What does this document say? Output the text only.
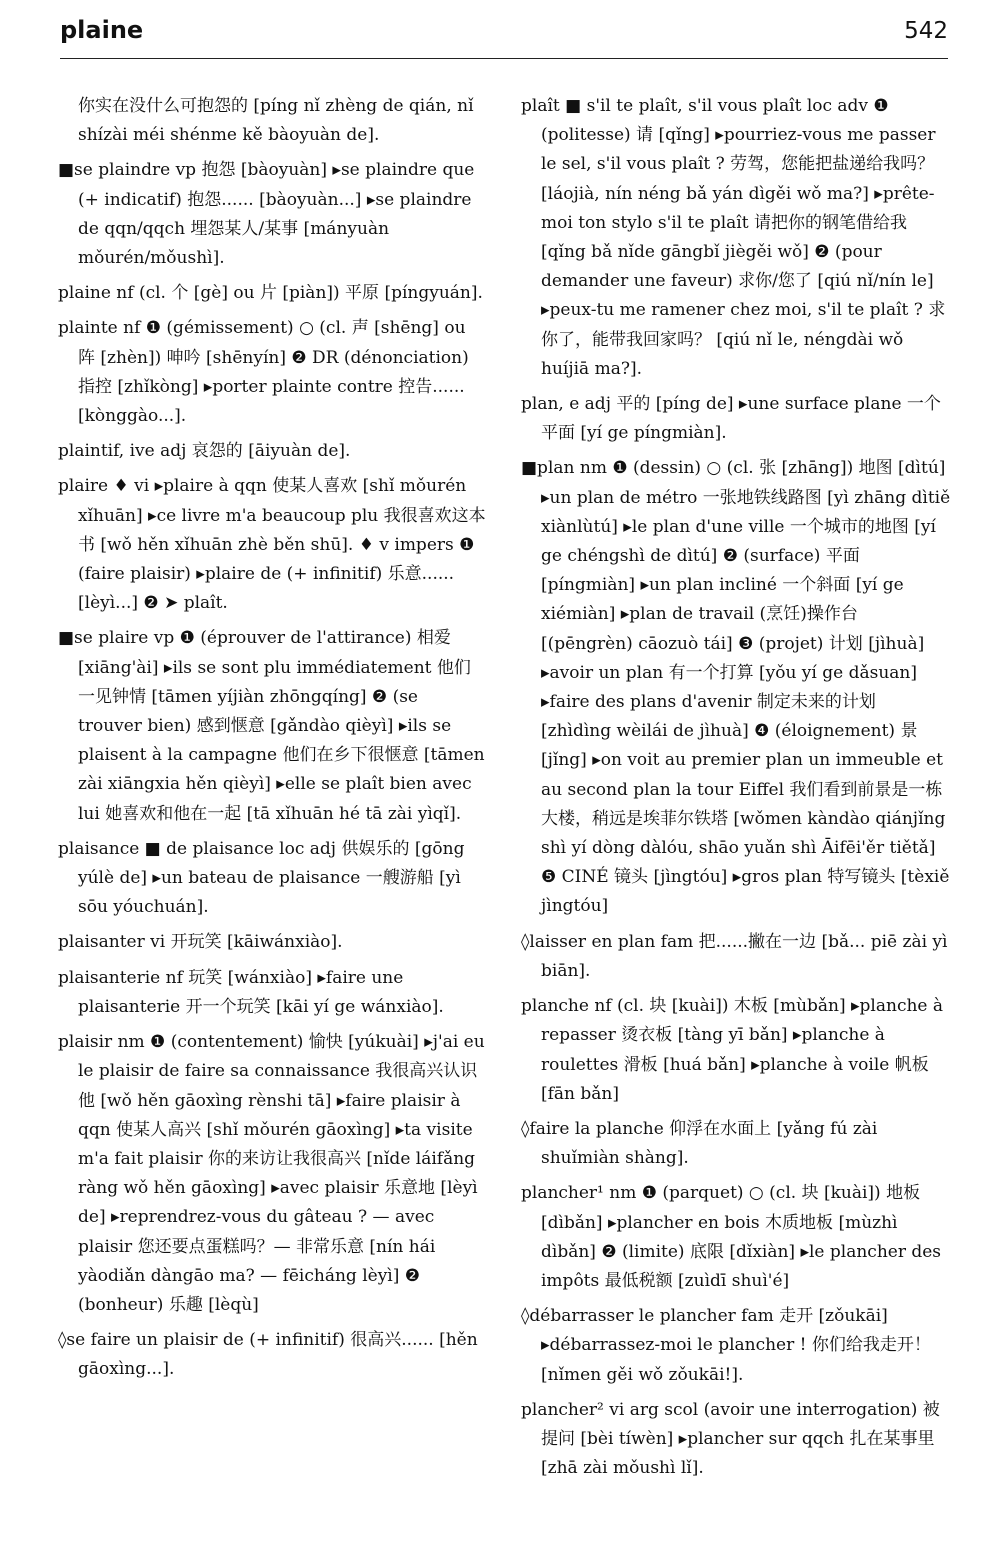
plaine	542

你实在没什么可抱怨的 [píng nǐ zhèng de qián, nǐ shízài méi shénme kě bàoyuàn de].

■se plaindre vp 抱怨 [bàoyuàn] ▸se plaindre que (+ indicatif) 抱怨...... [bàoyuàn...] ▸se plaindre de qqn/qqch 埋怨某人/某事 [mányuàn mǒurén/mǒushì].

plaine nf (cl. 个 [gè] ou 片 [piàn]) 平原 [píngyuán].

plainte nf ❶ (gémissement) ○ (cl. 声 [shēng] ou 阵 [zhèn]) 呻吟 [shēnyín] ❷ DR (dénonciation) 指控 [zhǐkòng] ▸porter plainte contre 控告...... [kònggào...].

plaintif, ive adj 哀怨的 [āiyuàn de].

plaire ♦ vi ▸plaire à qqn 使某人喜欢 [shǐ mǒurén xǐhuān] ▸ce livre m'a beaucoup plu 我很喜欢这本书 [wǒ hěn xǐhuān zhè běn shū]. ♦ v impers ❶ (faire plaisir) ▸plaire de (+ infinitif) 乐意...... [lèyì...] ❷ ➤ plaît.

■se plaire vp ❶ (éprouver de l'attirance) 相爱 [xiāng'ài] ▸ils se sont plu immédiatement 他们一见钟情 [tāmen yíjiàn zhōngqíng] ❷ (se trouver bien) 感到惬意 [gǎndào qièyì] ▸ils se plaisent à la campagne 他们在乡下很惬意 [tāmen zài xiāngxia hěn qièyì] ▸elle se plaît bien avec lui 她喜欢和他在一起 [tā xǐhuān hé tā zài yìqǐ].

plaisance ■ de plaisance loc adj 供娱乐的 [gōng yúlè de] ▸un bateau de plaisance 一艘游船 [yì sōu yóuchuán].

plaisanter vi 开玩笑 [kāiwánxiào].

plaisanterie nf 玩笑 [wánxiào] ▸faire une plaisanterie 开一个玩笑 [kāi yí ge wánxiào].

plaisir nm ❶ (contentement) 愉快 [yúkuài] ▸j'ai eu le plaisir de faire sa connaissance 我很高兴认识他 [wǒ hěn gāoxìng rènshi tā] ▸faire plaisir à qqn 使某人高兴 [shǐ mǒurén gāoxìng] ▸ta visite m'a fait plaisir 你的来访让我很高兴 [nǐde láifǎng ràng wǒ hěn gāoxìng] ▸avec plaisir 乐意地 [lèyì de] ▸reprendrez-vous du gâteau ? — avec plaisir 您还要点蛋糕吗？— 非常乐意 [nín hái yàodiǎn dàngāo ma? — fēicháng lèyì] ❷ (bonheur) 乐趣 [lèqù]

◊se faire un plaisir de (+ infinitif) 很高兴...... [hěn gāoxìng...].

plaît ■ s'il te plaît, s'il vous plaît loc adv ❶ (politesse) 请 [qǐng] ▸pourriez-vous me passer le sel, s'il vous plaît ? 劳驾，您能把盐递给我吗？ [láojià, nín néng bǎ yán dìgěi wǒ ma?] ▸prête-moi ton stylo s'il te plaît 请把你的钢笔借给我 [qǐng bǎ nǐde gāngbǐ jiègěi wǒ] ❷ (pour demander une faveur) 求你/您了 [qiú nǐ/nín le] ▸peux-tu me ramener chez moi, s'il te plaît ? 求你了，能带我回家吗？ [qiú nǐ le, néngdài wǒ huíjiā ma?].

plan, e adj 平的 [píng de] ▸une surface plane 一个平面 [yí ge píngmiàn].

■plan nm ❶ (dessin) ○ (cl. 张 [zhāng]) 地图 [dìtú] ▸un plan de métro 一张地铁线路图 [yì zhāng dìtiě xiànlùtú] ▸le plan d'une ville 一个城市的地图 [yí ge chéngshì de dìtú] ❷ (surface) 平面 [píngmiàn] ▸un plan incliné 一个斜面 [yí ge xiémiàn] ▸plan de travail (烹饪)操作台 [(pēngrèn) cāozuò tái] ❸ (projet) 计划 [jìhuà] ▸avoir un plan 有一个打算 [yǒu yí ge dǎsuan] ▸faire des plans d'avenir 制定未来的计划 [zhìdìng wèilái de jìhuà] ❹ (éloignement) 景 [jǐng] ▸on voit au premier plan un immeuble et au second plan la tour Eiffel 我们看到前景是一栋大楼，稍远是埃菲尔铁塔 [wǒmen kàndào qiánjǐng shì yí dòng dàlóu, shāo yuǎn shì Āifēi'ěr tiětǎ] ❺ CINÉ 镜头 [jìngtóu] ▸gros plan 特写镜头 [tèxiě jìngtóu]

◊laisser en plan fam 把......撇在一边 [bǎ... piē zài yì biān].

planche nf (cl. 块 [kuài]) 木板 [mùbǎn] ▸planche à repasser 烫衣板 [tàng yī bǎn] ▸planche à roulettes 滑板 [huá bǎn] ▸planche à voile 帆板 [fān bǎn]

◊faire la planche 仰浮在水面上 [yǎng fú zài shuǐmiàn shàng].

plancher¹ nm ❶ (parquet) ○ (cl. 块 [kuài]) 地板 [dìbǎn] ▸plancher en bois 木质地板 [mùzhì dìbǎn] ❷ (limite) 底限 [dǐxiàn] ▸le plancher des impôts 最低税额 [zuìdī shuì'é]

◊débarrasser le plancher fam 走开 [zǒukāi] ▸débarrassez-moi le plancher ! 你们给我走开！ [nǐmen gěi wǒ zǒukāi!].

plancher² vi arg scol (avoir une interrogation) 被提问 [bèi tíwèn] ▸plancher sur qqch 扎在某事里 [zhā zài mǒushì lǐ].
